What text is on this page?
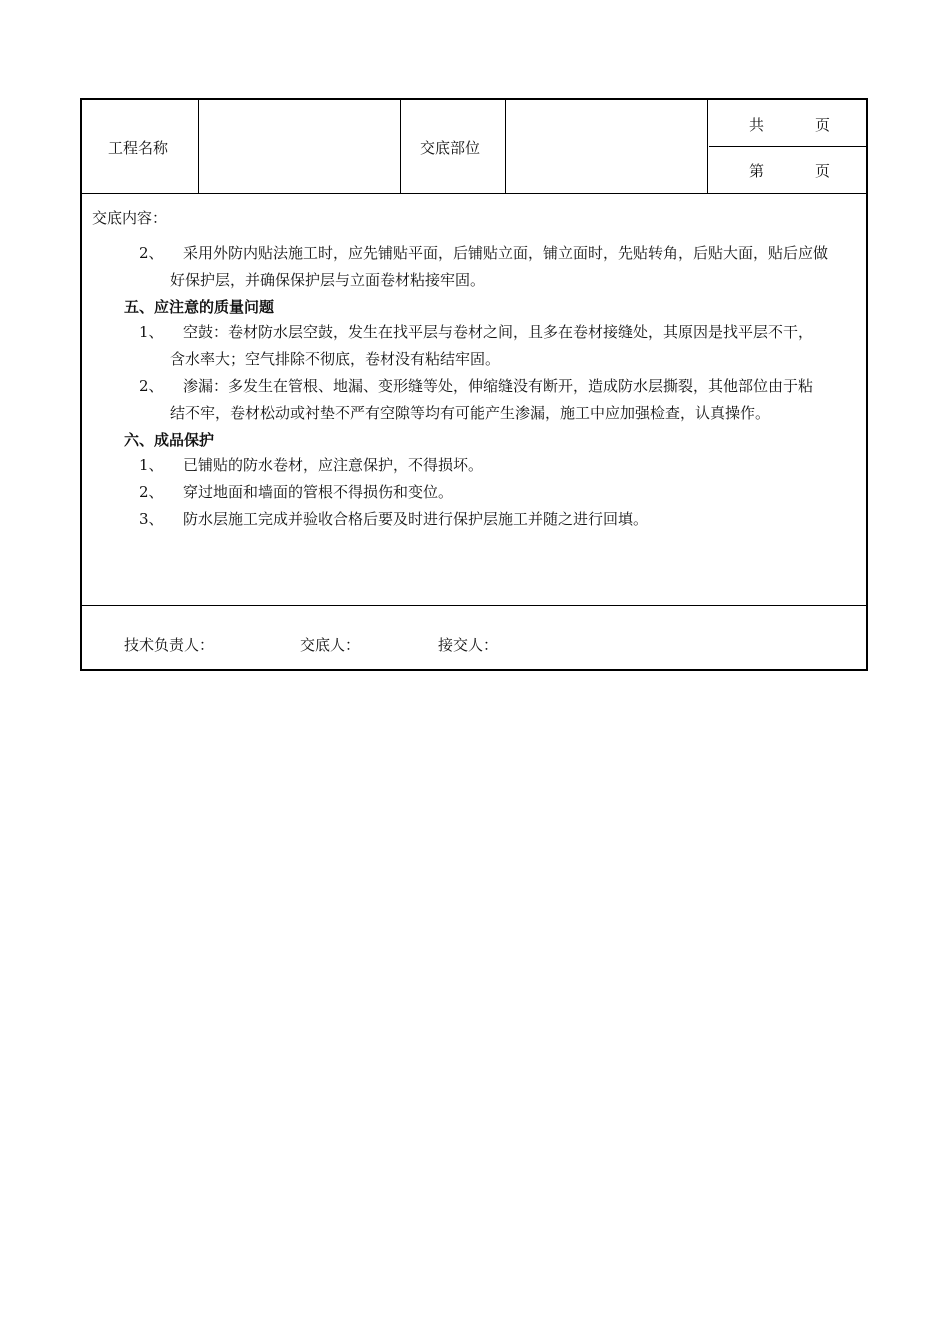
工程名称	交底部位
共	页
第	页
交底内容：
2、 采用外防内贴法施工时，应先铺贴平面，后铺贴立面，铺立面时，先贴转角，后贴大面，贴后应做
好保护层，并确保保护层与立面卷材粘接牢固。
五、应注意的质量问题
1、 空鼓：卷材防水层空鼓，发生在找平层与卷材之间，且多在卷材接缝处，其原因是找平层不干，
含水率大；空气排除不彻底，卷材没有粘结牢固。
2、 渗漏：多发生在管根、地漏、变形缝等处，伸缩缝没有断开，造成防水层撕裂，其他部位由于粘
结不牢，卷材松动或衬垫不严有空隙等均有可能产生渗漏，施工中应加强检查，认真操作。
六、成品保护
1、 已铺贴的防水卷材，应注意保护，不得损坏。
2、 穿过地面和墙面的管根不得损伤和变位。
3、 防水层施工完成并验收合格后要及时进行保护层施工并随之进行回填。
技术负责人：	交底人：	接交人：
